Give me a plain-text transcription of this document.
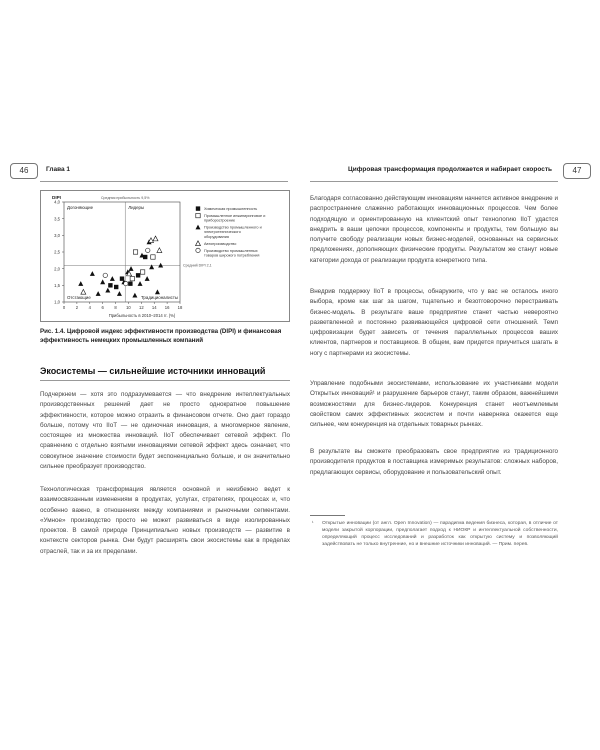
46	Глава 1
Средняя прибыльность 9,5%
Средний DIPI 2,1
Догоняющие	Лидеры
Отстающие	Традиционалисты
1,0
1,5
2,0
2,5
3,0
3,5
4,0
0	2	4	6	8 10 12 14 16 18
DIPI
Прибыльность в 2010–2014 гг. (%)
Химическая промышленность
Промышленное инжиниринговое и приборостроение
Производство промышленного и электротехнического оборудования
Автопроизводство
Производство промышленных товаров широкого потребления

Рис. 1.4. Цифровой индекс эффективности производства (DIPI) и финансовая эффективность немецких промышленных компаний

Экосистемы — сильнейшие источники инноваций

Подчеркнем — хотя это подразумевается — что внедрение интеллектуальных производственных решений дает не просто однократное повышение эффективности, которое можно отразить в финансовом отчете. Оно дает гораздо больше, потому что IIoT — не одиночная инновация, а многомерное явление, состоящее из множества инноваций. IIoT обеспечивает сетевой эффект. По сравнению с отдельно взятыми инновациями сетевой эффект здесь означает, что совокупное значение стоимости будет экспоненциально больше, и он значительно сильнее преобразует производство.

Технологическая трансформация является основной и неизбежно ведет к взаимосвязанным изменениям в продуктах, услугах, стратегиях, процессах и, что особенно важно, в отношениях между компаниями и рыночными сегментами. «Умное» производство просто не может развиваться в виде изолированных проектов. В самой природе Принципиально новых производств — развитие в контексте секторов рынка. Они будут расширять свои экосистемы как в пределах отраслей, так и за их пределами.

Цифровая трансформация продолжается и набирает скорость	47

Благодаря согласованно действующим инновациям начнется активное внедрение и распространение слаженно работающих инновационных процессов. Чем более подходящую и ориентированную на клиентский опыт технологию IIoT удастся внедрить в ваши цепочки процессов, компоненты и продукты, тем большую вы получите свободу реализации новых бизнес-моделей, основанных на сервисных предложениях, дополняющих физические продукты. Результатом же станут новые категории дохода от реализации продукта конкретного типа.

Внедрив поддержку IIoT в процессы, обнаружите, что у вас не осталось иного выбора, кроме как шаг за шагом, тщательно и безотговорочно перестраивать бизнес-модель. В результате ваше предприятие станет частью невероятно разветвленной и постоянно развивающейся цифровой сети отношений. Темп цифровизации будет зависеть от течения параллельных процессов ваших клиентов, партнеров и поставщиков. В общем, вам придется приучиться шагать в ногу с партнерами из экосистемы.

Управление подобными экосистемами, использование их участниками модели Открытых инноваций¹ и разрушение барьеров станут, таким образом, важнейшими возможностями для бизнес-лидеров. Конкуренция станет неотъемлемым свойством самих эффективных экосистем и почти наверняка окажется еще сильнее, чем конкуренция на отдельных товарных рынках.

В результате вы сможете преобразовать свое предприятие из традиционного производителя продуктов в поставщика измеримых результатов: сложных наборов, предлагающих сервисы, оборудование и пользовательский опыт.

¹ Открытые инновации (от англ. Open Innovation) — парадигма ведения бизнеса, которая, в отличие от модели закрытой корпорации, предполагает подход к НИОКР и интеллектуальной собственности, определяющий процесс исследований и разработок как открытую систему и позволяющий задействовать не только внутренние, но и внешние источники инноваций. — Прим. перев.
